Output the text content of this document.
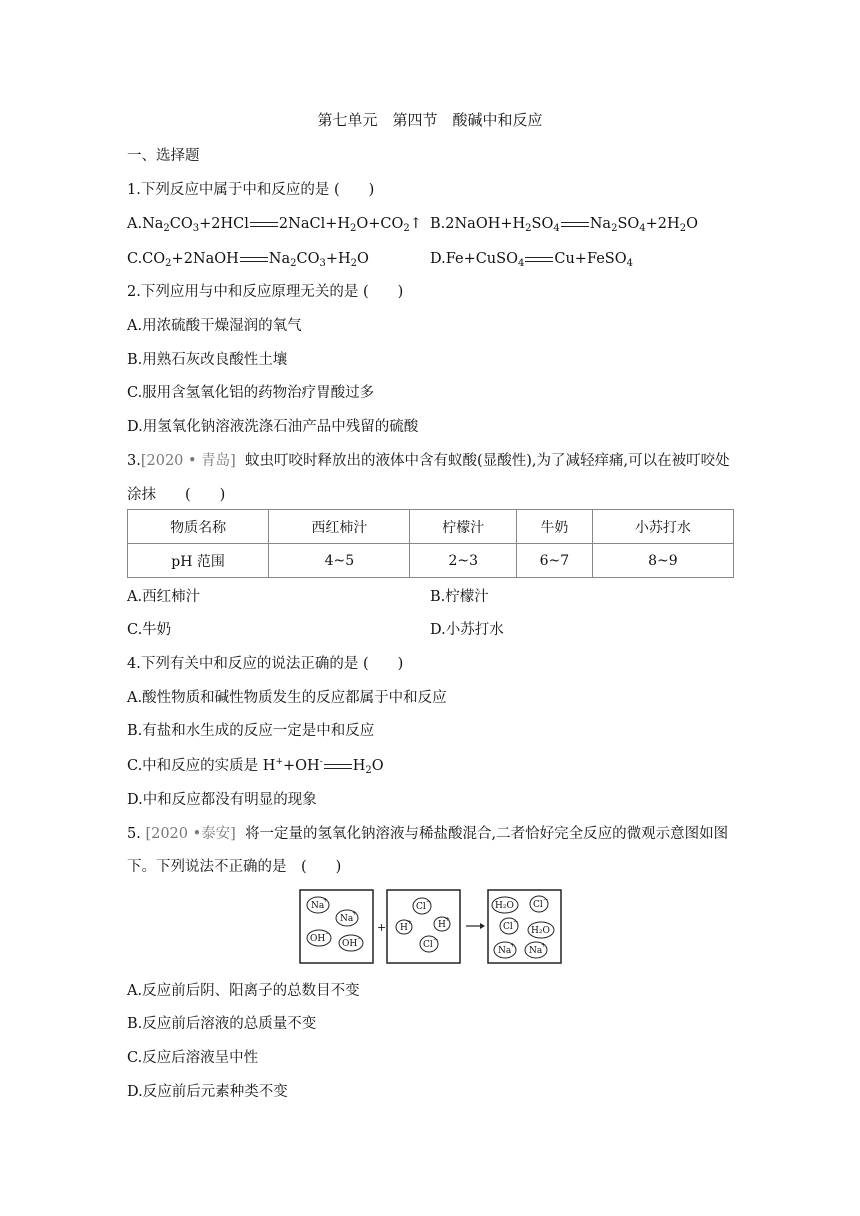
第七单元　第四节　酸碱中和反应
一、选择题
1.下列反应中属于中和反应的是 (　　)
$A.Na_2CO_3+2HCl$ $2NaCl+H_2O+CO_2↑$ $B.2NaOH+H_2SO_4$ $Na_2SO_4+2H_2O$
$C.CO_2+2NaOH$ $Na_2CO_3+H_2O$	D.Fe+CuSO$_4$ Cu+FeSO$_4$
2.下列应用与中和反应原理无关的是 (　　)
A.用浓硫酸干燥湿润的氧气
B.用熟石灰改良酸性土壤
C.服用含氢氧化铝的药物治疗胃酸过多
D.用氢氧化钠溶液洗涤石油产品中残留的硫酸
3.[2020 • 青岛] 蚊虫叮咬时释放出的液体中含有蚁酸(显酸性),为了减轻痒痛,可以在被叮咬处
涂抹　　(　　)
物质名称	西红柿汁	柠檬汁	牛奶	小苏打水
pH 范围	4~5	2~3	6~7	8~9
A.西红柿汁	B.柠檬汁
C.牛奶	D.小苏打水
4.下列有关中和反应的说法正确的是 (　　)
A.酸性物质和碱性物质发生的反应都属于中和反应
B.有盐和水生成的反应一定是中和反应
C.中和反应的实质是 H++OH- $H_2O$
D.中和反应都没有明显的现象
5. [2020 •泰安] 将一定量的氢氧化钠溶液与稀盐酸混合,二者恰好完全反应的微观示意图如图
下。下列说法不正确的是　(　　)
Na
+
Na
+
OH
−
OH
−
+
Cl
−
H
+	H
+
Cl
−
H₂O Cl
−
Cl
−
H₂O
Na
+
Na
+
A.反应前后阴、阳离子的总数目不变
B.反应前后溶液的总质量不变
C.反应后溶液呈中性
D.反应前后元素种类不变
